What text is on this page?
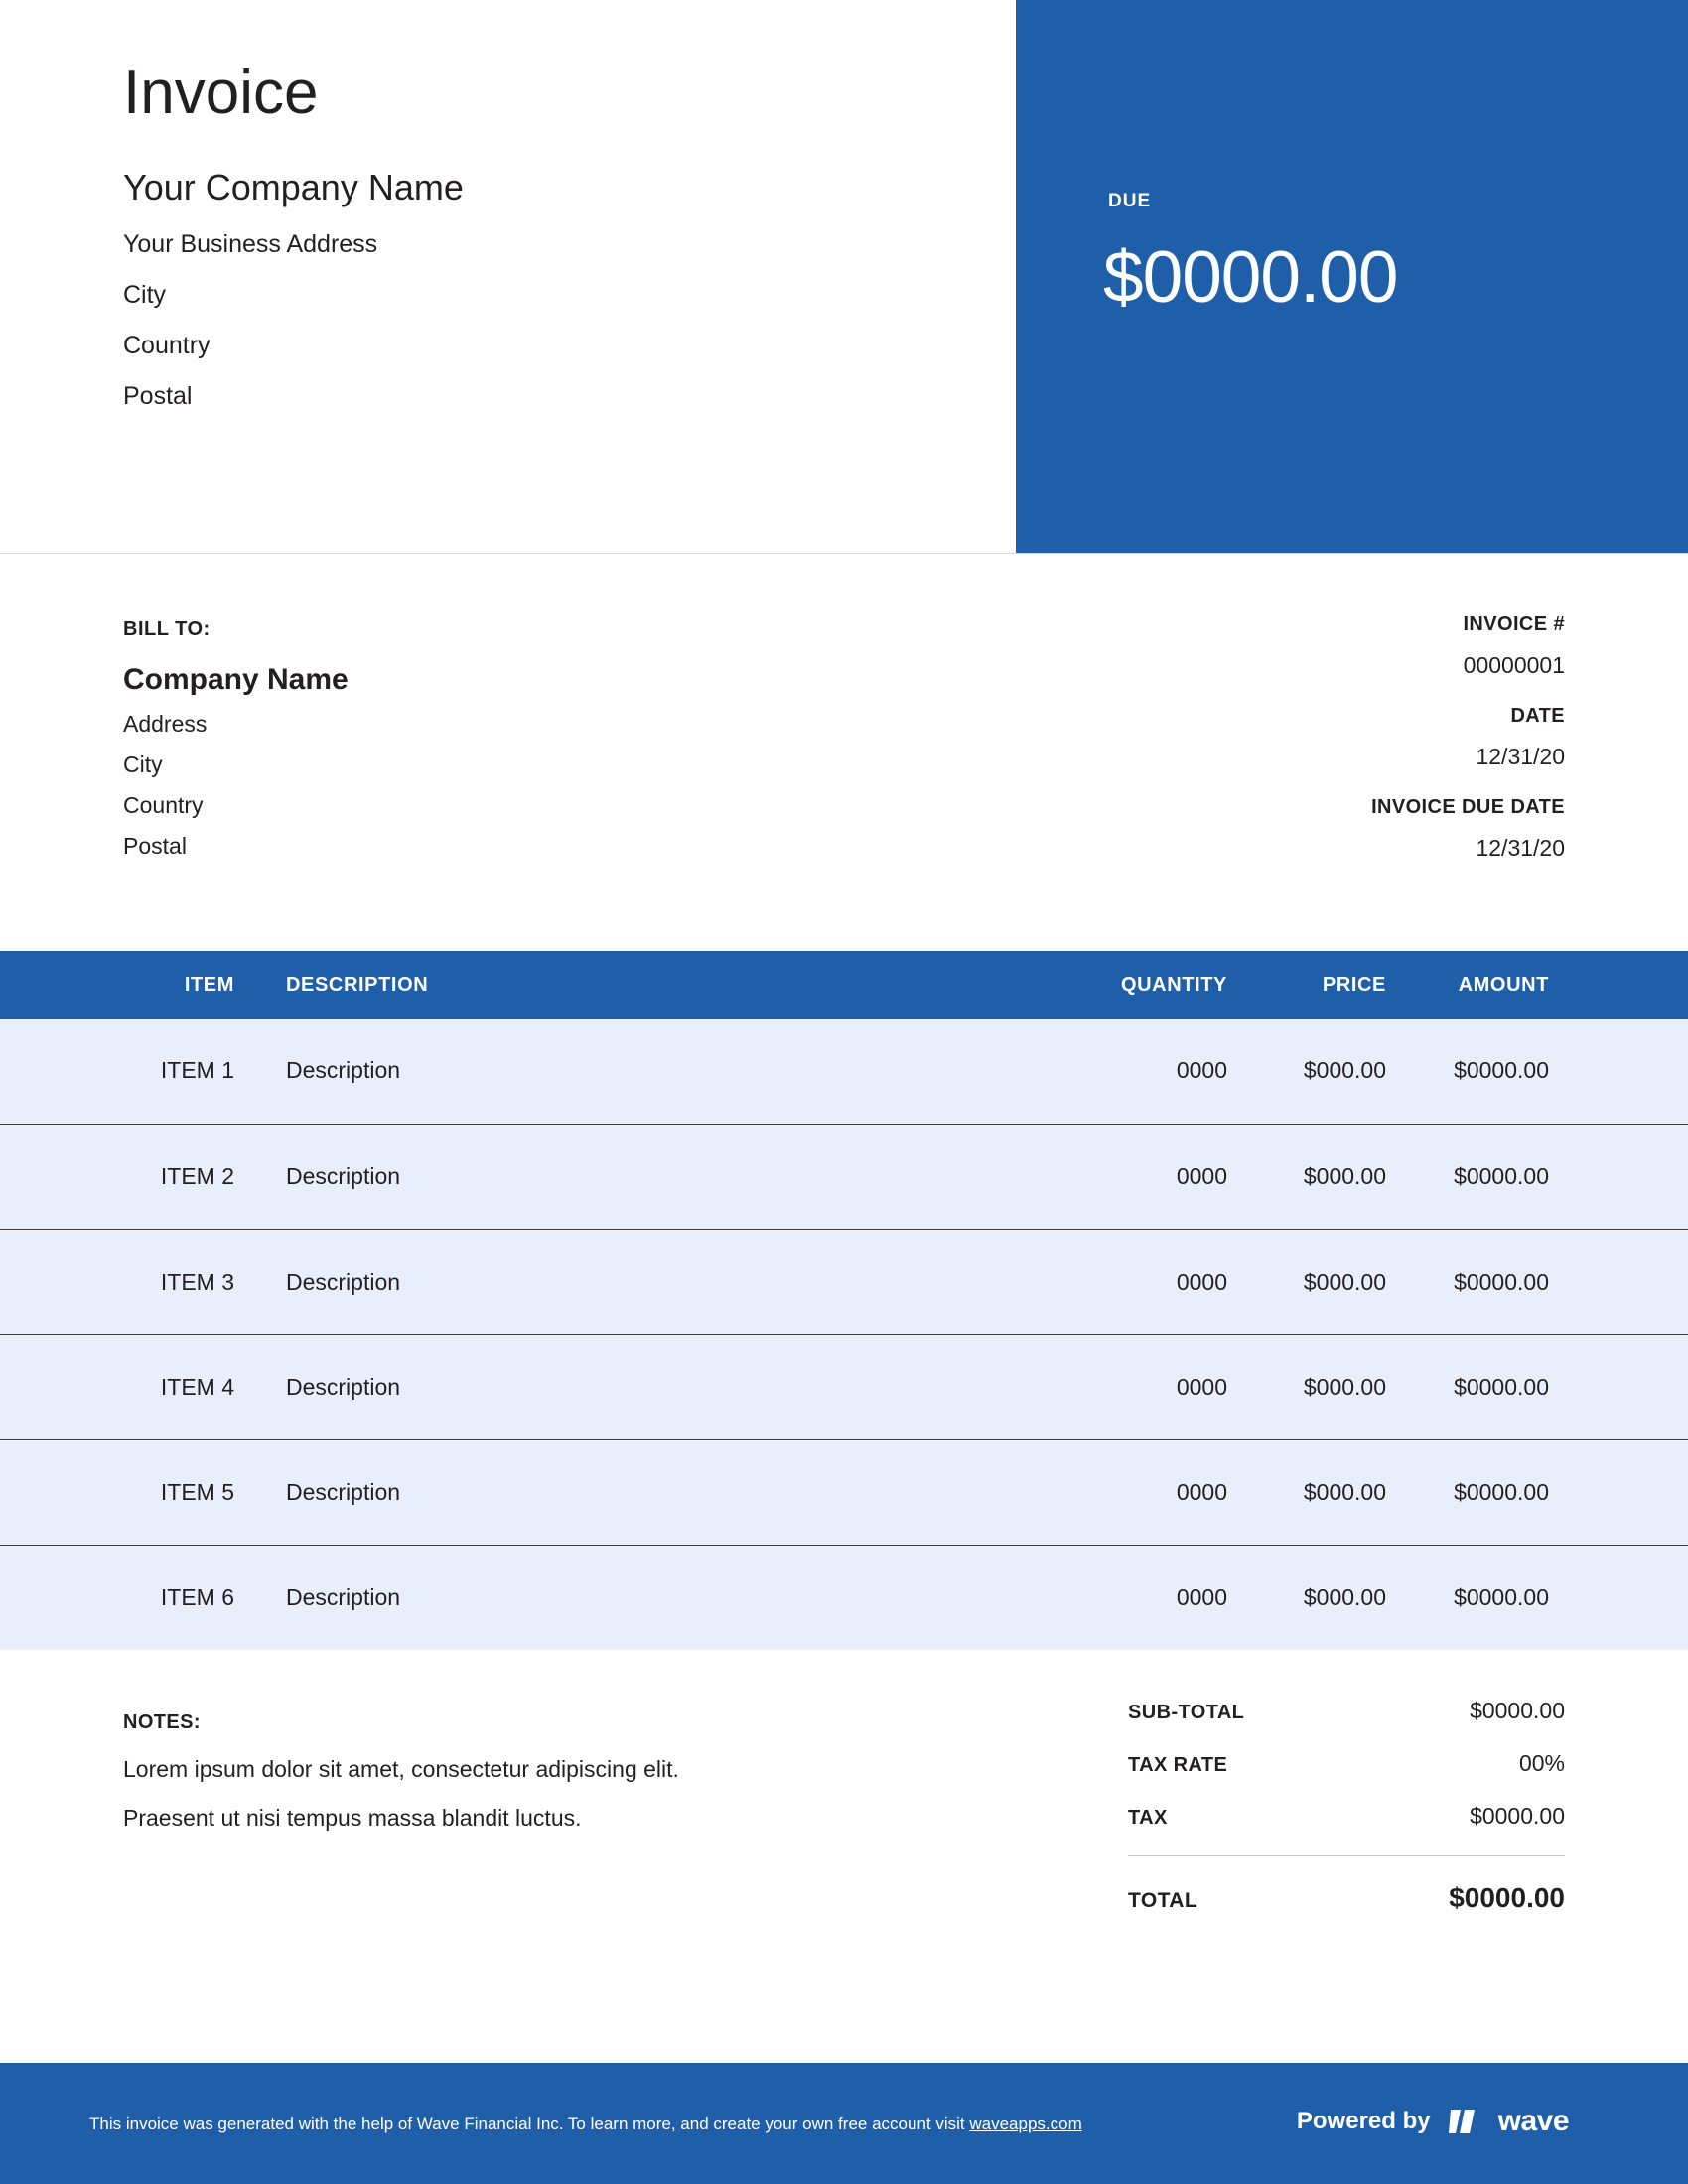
Invoice
Your Company Name
Your Business Address
City
Country
Postal
DUE
$0000.00
BILL TO:
Company Name
Address
City
Country
Postal
INVOICE #
00000001
DATE
12/31/20
INVOICE DUE DATE
12/31/20
ITEM	DESCRIPTION	QUANTITY	PRICE	AMOUNT
ITEM 1	Description	0000	$000.00	$0000.00
ITEM 2	Description	0000	$000.00	$0000.00
ITEM 3	Description	0000	$000.00	$0000.00
ITEM 4	Description	0000	$000.00	$0000.00
ITEM 5	Description	0000	$000.00	$0000.00
ITEM 6	Description	0000	$000.00	$0000.00
NOTES:
Lorem ipsum dolor sit amet, consectetur adipiscing elit.
Praesent ut nisi tempus massa blandit luctus.
SUB-TOTAL	$0000.00
TAX RATE	00%
TAX	$0000.00
TOTAL	$0000.00
This invoice was generated with the help of Wave Financial Inc. To learn more, and create your own free account visit waveapps.com	Powered by wave
